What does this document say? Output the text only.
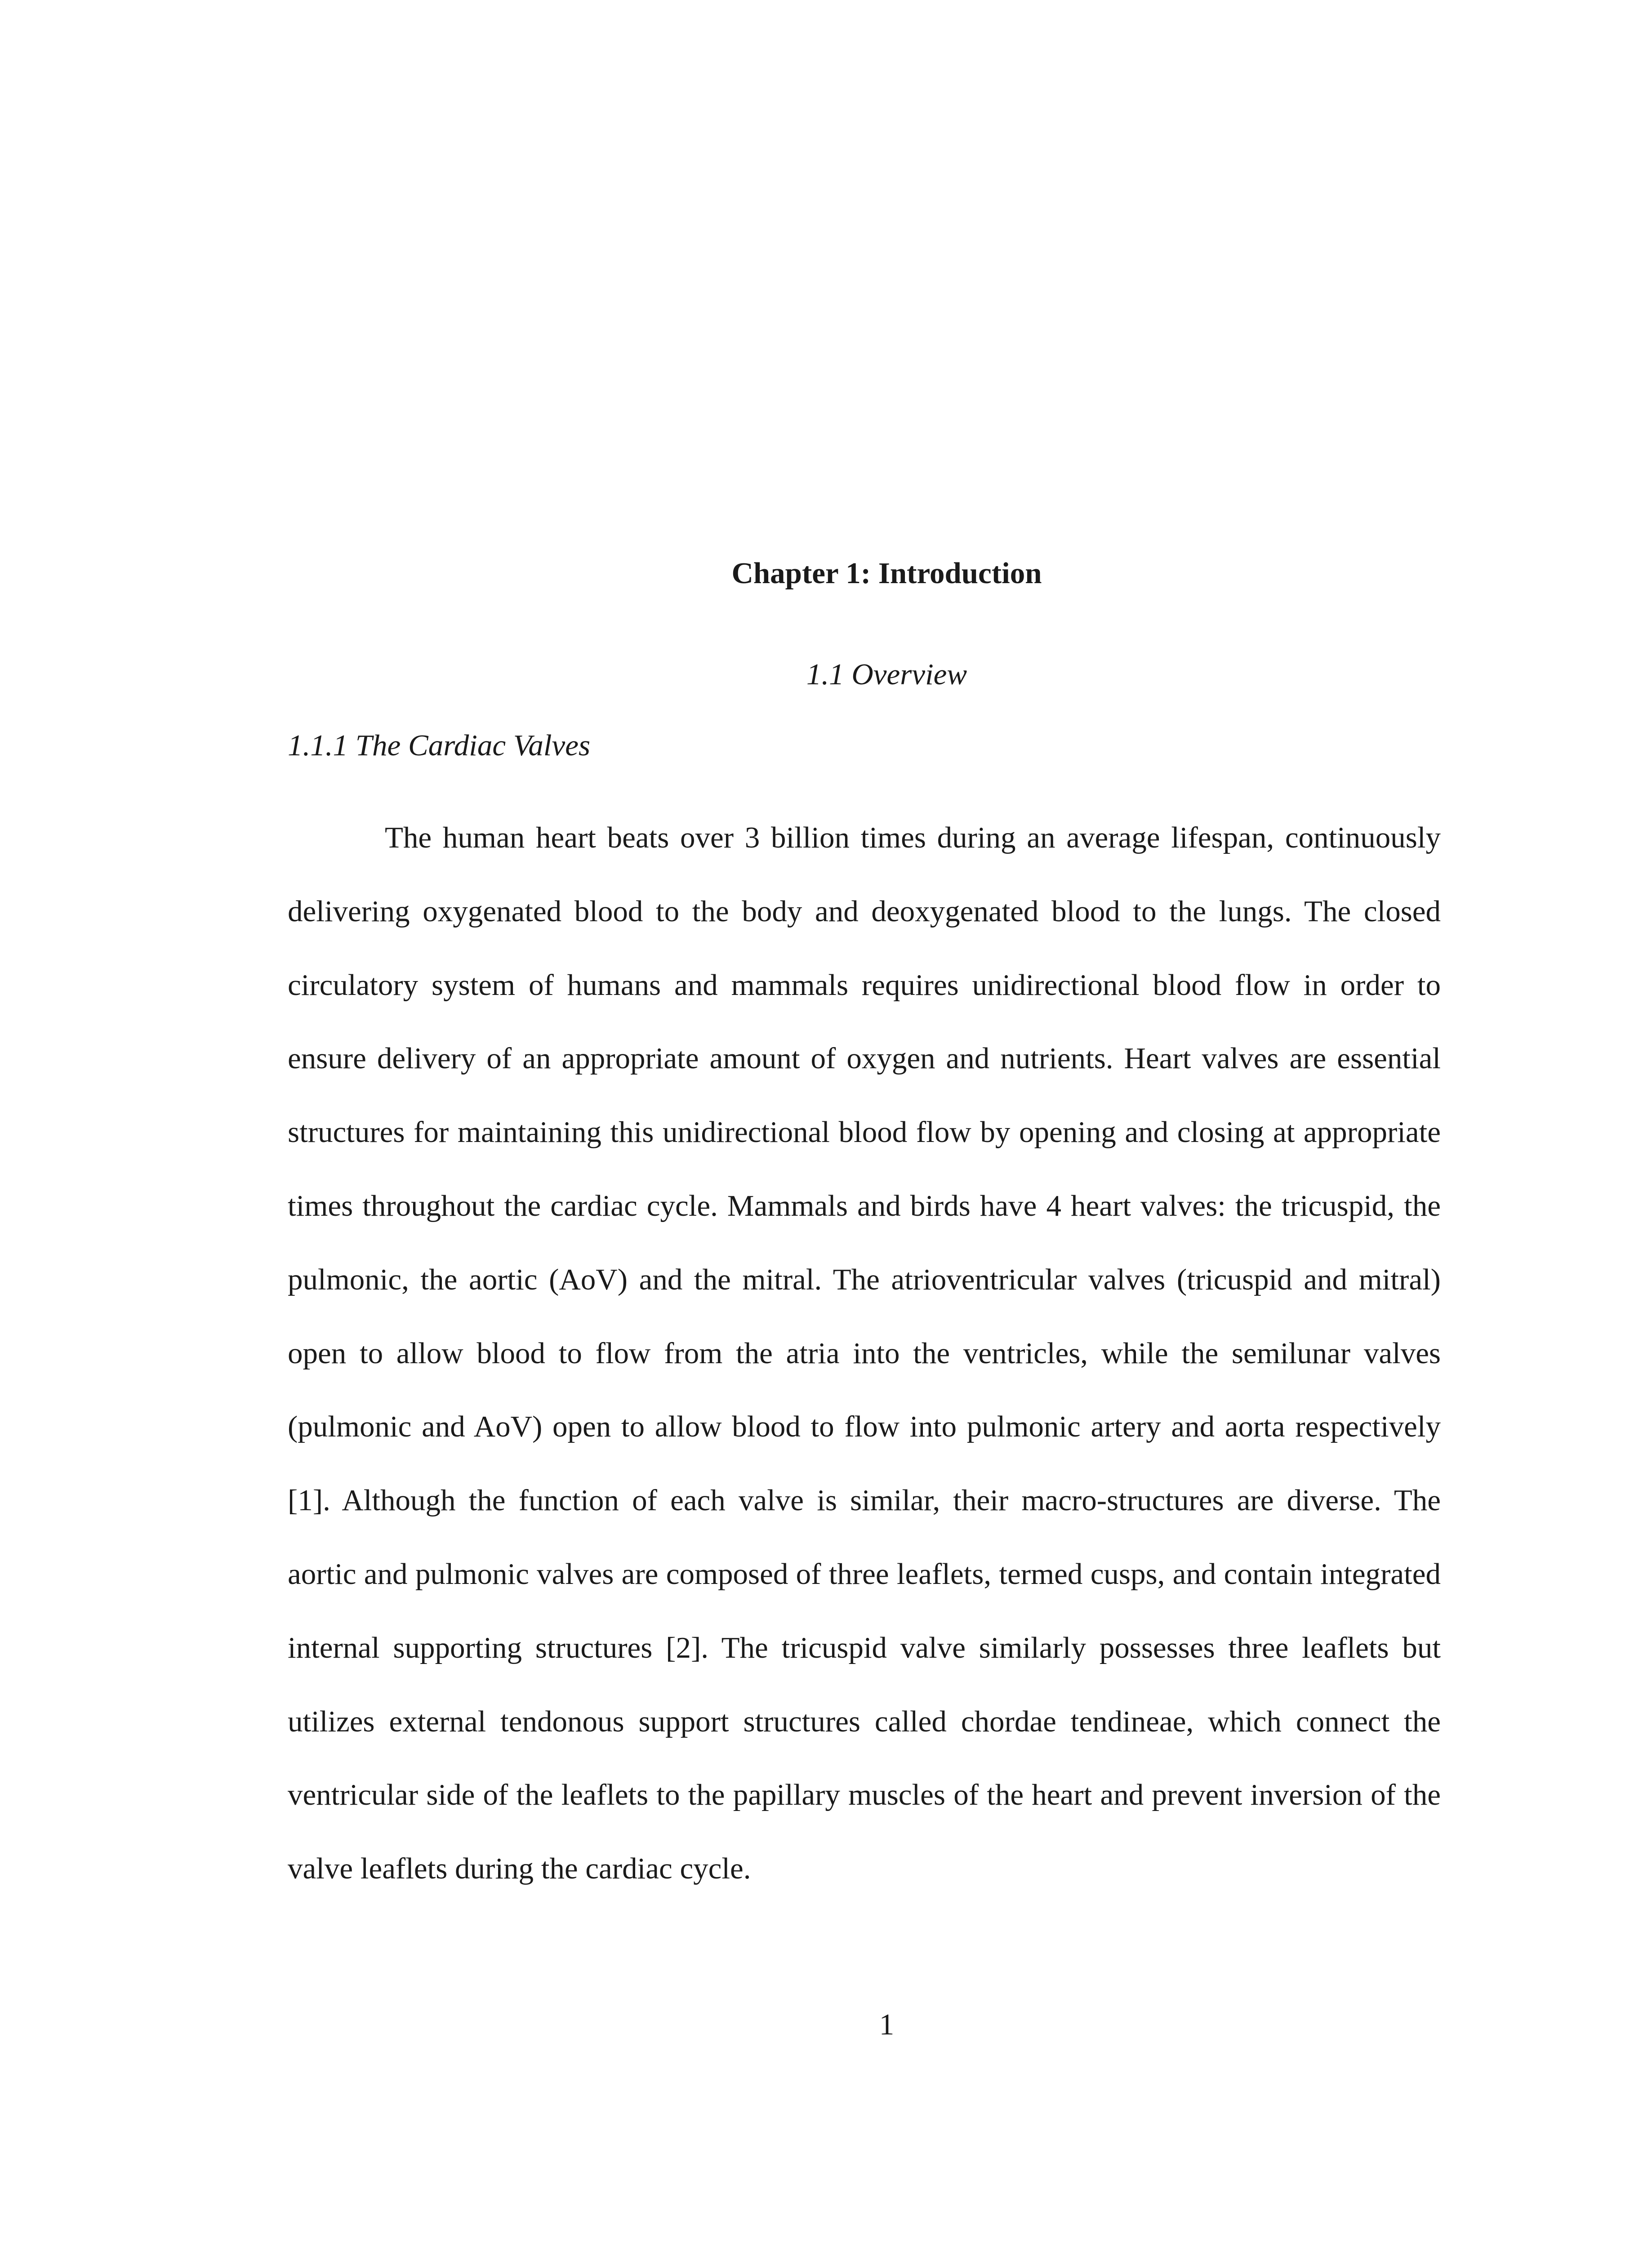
Chapter 1: Introduction
1.1 Overview
1.1.1 The Cardiac Valves

The human heart beats over 3 billion times during an average lifespan, continuously delivering oxygenated blood to the body and deoxygenated blood to the lungs. The closed circulatory system of humans and mammals requires unidirectional blood flow in order to ensure delivery of an appropriate amount of oxygen and nutrients. Heart valves are essential structures for maintaining this unidirectional blood flow by opening and closing at appropriate times throughout the cardiac cycle. Mammals and birds have 4 heart valves: the tricuspid, the pulmonic, the aortic (AoV) and the mitral. The atrioventricular valves (tricuspid and mitral) open to allow blood to flow from the atria into the ventricles, while the semilunar valves (pulmonic and AoV) open to allow blood to flow into pulmonic artery and aorta respectively [1]. Although the function of each valve is similar, their macro-structures are diverse. The aortic and pulmonic valves are composed of three leaflets, termed cusps, and contain integrated internal supporting structures [2]. The tricuspid valve similarly possesses three leaflets but utilizes external tendonous support structures called chordae tendineae, which connect the ventricular side of the leaflets to the papillary muscles of the heart and prevent inversion of the valve leaflets during the cardiac cycle.

1
